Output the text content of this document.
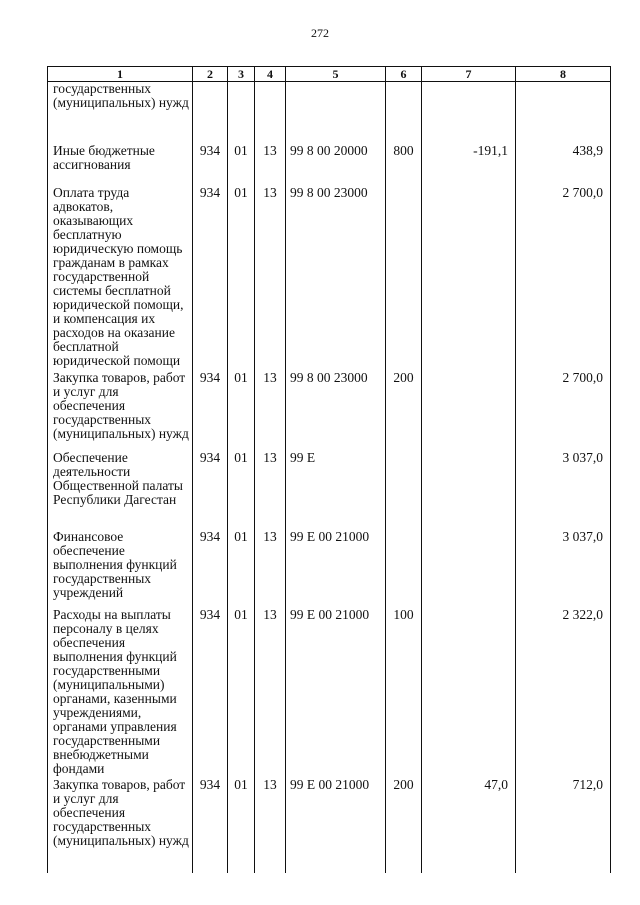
272
1	2	3	4	5	6	7	8
государственных (муниципальных) нужд							
Иные бюджетные ассигнования	934	01	13	99 8 00 20000	800	-191,1	438,9
Оплата труда адвокатов, оказывающих бесплатную юридическую помощь гражданам в рамках государственной системы бесплатной юридической помощи, и компенсация их расходов на оказание бесплатной юридической помощи	934	01	13	99 8 00 23000			2 700,0
Закупка товаров, работ и услуг для обеспечения государственных (муниципальных) нужд	934	01	13	99 8 00 23000	200		2 700,0
Обеспечение деятельности Общественной палаты Республики Дагестан	934	01	13	99 Е			3 037,0
Финансовое обеспечение выполнения функций государственных учреждений	934	01	13	99 Е 00 21000			3 037,0
Расходы на выплаты персоналу в целях обеспечения выполнения функций государственными (муниципальными) органами, казенными учреждениями, органами управления государственными внебюджетными фондами	934	01	13	99 Е 00 21000	100		2 322,0
Закупка товаров, работ и услуг для обеспечения государственных (муниципальных) нужд	934	01	13	99 Е 00 21000	200	47,0	712,0
